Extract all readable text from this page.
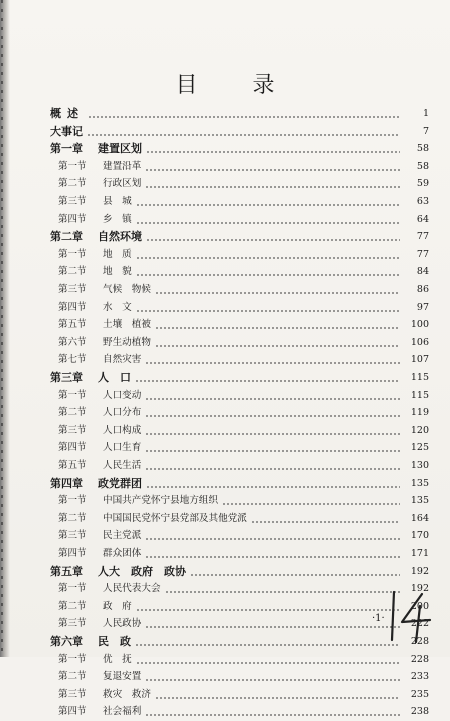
目 录
概述	1
大事记	7
第一章 建置区划	58
第一节 建置沿革	58
第二节 行政区划	59
第三节 县　城	63
第四节 乡　镇	64
第二章 自然环境	77
第一节 地　质	77
第二节 地　貌	84
第三节 气候　物候	86
第四节 水　文	97
第五节 土壤　植被	100
第六节 野生动植物	106
第七节 自然灾害	107
第三章 人　口	115
第一节 人口变动	115
第二节 人口分布	119
第三节 人口构成	120
第四节 人口生育	125
第五节 人民生活	130
第四章 政党群团	135
第一节 中国共产党怀宁县地方组织	135
第二节 中国国民党怀宁县党部及其他党派	164
第三节 民主党派	170
第四节 群众团体	171
第五章 人大　政府　政协	192
第一节 人民代表大会	192
第二节 政　府	200
第三节 人民政协	222
第六章 民　政	228
第一节 优　抚	228
第二节 复退安置	233
第三节 救灾　救济	235
第四节 社会福利	238
·1·
